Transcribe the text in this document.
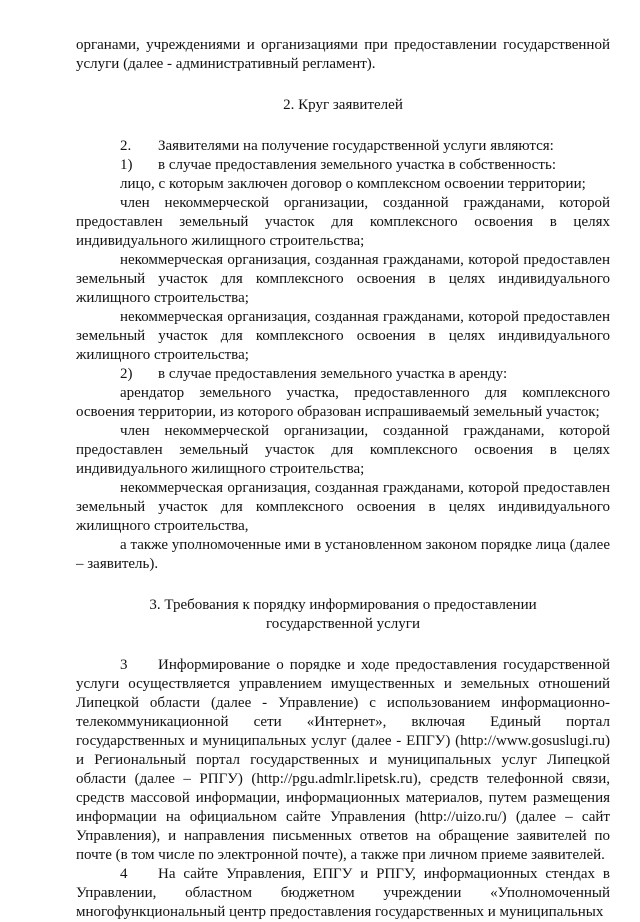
органами, учреждениями и организациями при предоставлении государственной услуги (далее - административный регламент).

2. Круг заявителей

2. Заявителями на получение государственной услуги являются:

1) в случае предоставления земельного участка в собственность:

лицо, с которым заключен договор о комплексном освоении территории;

член некоммерческой организации, созданной гражданами, которой предоставлен земельный участок для комплексного освоения в целях индивидуального жилищного строительства;

некоммерческая организация, созданная гражданами, которой предоставлен земельный участок для комплексного освоения в целях индивидуального жилищного строительства;

некоммерческая организация, созданная гражданами, которой предоставлен земельный участок для комплексного освоения в целях индивидуального жилищного строительства;

2) в случае предоставления земельного участка в аренду:

арендатор земельного участка, предоставленного для комплексного освоения территории, из которого образован испрашиваемый земельный участок;

член некоммерческой организации, созданной гражданами, которой предоставлен земельный участок для комплексного освоения в целях индивидуального жилищного строительства;

некоммерческая организация, созданная гражданами, которой предоставлен земельный участок для комплексного освоения в целях индивидуального жилищного строительства,

а также уполномоченные ими в установленном законом порядке лица (далее – заявитель).

3. Требования к порядку информирования о предоставлении

государственной услуги

3 Информирование о порядке и ходе предоставления государственной услуги осуществляется управлением имущественных и земельных отношений Липецкой области (далее - Управление) с использованием информационно-телекоммуникационной сети «Интернет», включая Единый портал государственных и муниципальных услуг (далее - ЕПГУ) (http://www.gosuslugi.ru) и Региональный портал государственных и муниципальных услуг Липецкой области (далее – РПГУ) (http://pgu.admlr.lipetsk.ru), средств телефонной связи, средств массовой информации, информационных материалов, путем размещения информации на официальном сайте Управления (http://uizo.ru/) (далее – сайт Управления), и направления письменных ответов на обращение заявителей по почте (в том числе по электронной почте), а также при личном приеме заявителей.

4 На сайте Управления, ЕПГУ и РПГУ, информационных стендах в Управлении, областном бюджетном учреждении «Уполномоченный многофункциональный центр предоставления государственных и муниципальных
